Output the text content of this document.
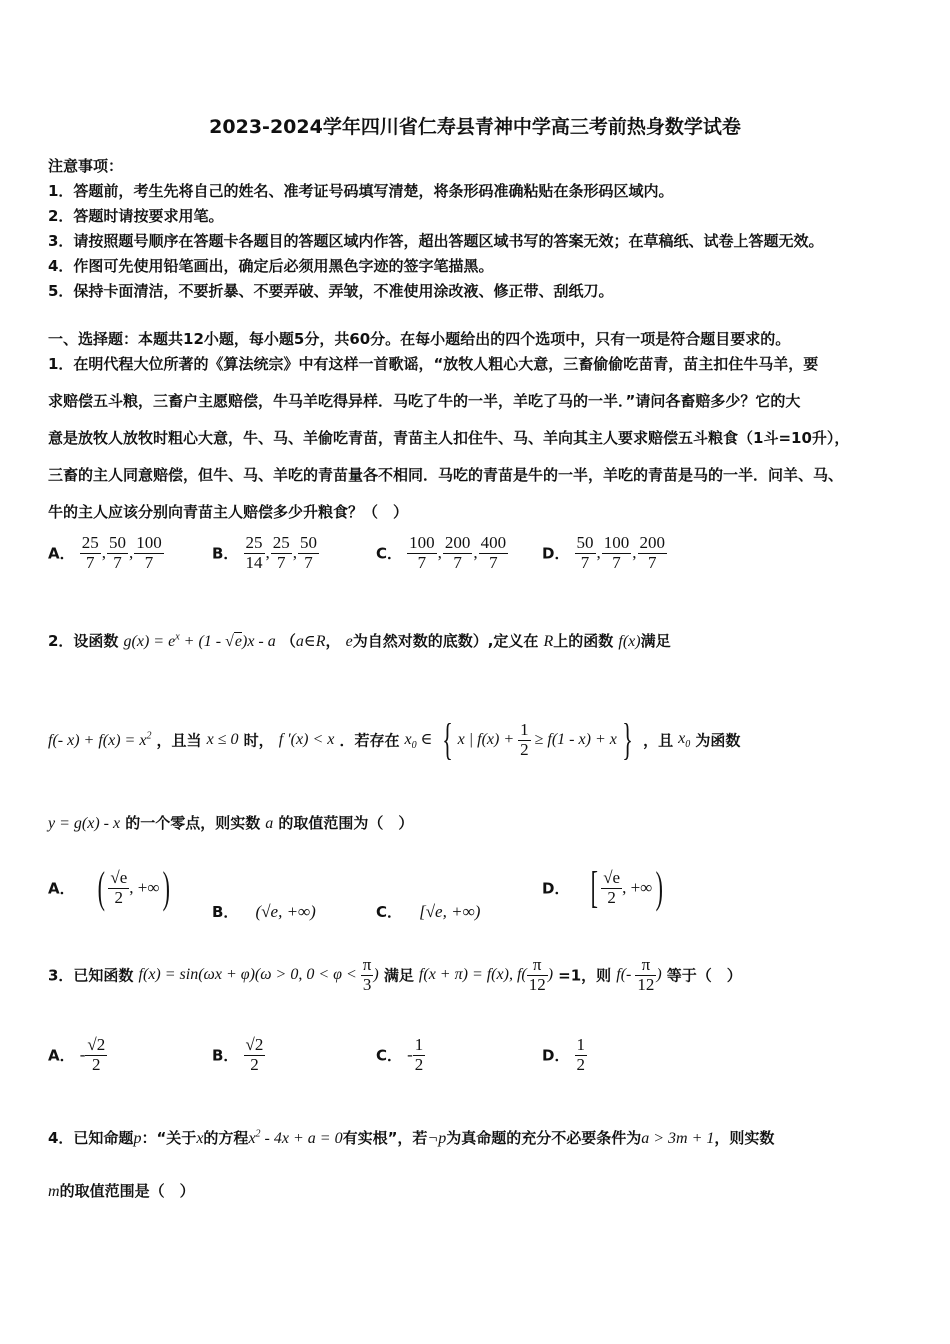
2023-2024学年四川省仁寿县青神中学高三考前热身数学试卷
注意事项：
1．答题前，考生先将自己的姓名、准考证号码填写清楚，将条形码准确粘贴在条形码区域内。
2．答题时请按要求用笔。
3．请按照题号顺序在答题卡各题目的答题区域内作答，超出答题区域书写的答案无效；在草稿纸、试卷上答题无效。
4．作图可先使用铅笔画出，确定后必须用黑色字迹的签字笔描黑。
5．保持卡面清洁，不要折暴、不要弄破、弄皱，不准使用涂改液、修正带、刮纸刀。
一、选择题：本题共12小题，每小题5分，共60分。在每小题给出的四个选项中，只有一项是符合题目要求的。
1．在明代程大位所著的《算法统宗》中有这样一首歌谣，“放牧人粗心大意，三畜偷偷吃苗青，苗主扣住牛马羊，要
求赔偿五斗粮，三畜户主愿赔偿，牛马羊吃得异样．马吃了牛的一半，羊吃了马的一半．”请问各畜赔多少？它的大
意是放牧人放牧时粗心大意，牛、马、羊偷吃青苗，青苗主人扣住牛、马、羊向其主人要求赔偿五斗粮食（1斗=10升），
三畜的主人同意赔偿，但牛、马、羊吃的青苗量各不相同．马吃的青苗是牛的一半，羊吃的青苗是马的一半．问羊、马、
牛的主人应该分别向青苗主人赔偿多少升粮食？（　）
A． $\frac{25}{7}$ , $\frac{50}{7}$ , $\frac{100}{7}$	B． $\frac{25}{14}$ , $\frac{25}{7}$ , $\frac{50}{7}$	C． $\frac{100}{7}$ , $\frac{200}{7}$ , $\frac{400}{7}$ D． $\frac{50}{7}$ , $\frac{100}{7}$ , $\frac{200}{7}$
2．设函数 $g(x) = e^x + (1 - √e)x - a$ （a∈R， e为自然对数的底数）,定义在 R上的函数 f(x)满足
f(- $x) + f(x) = x^2$ ，且当 x ≤ 0 时， f ′(x) < x ．若存在 $x_0$ ∈ { x | $f(x) + \frac{1}{2} \ge f(1 - x) + x$ } ，且 $x_0$ 为函数
y = g(x) - x 的一个零点，则实数 a 的取值范围为（　）
A． ( $\frac{√e}{2}$ , +∞)	B． (√e, +∞)	C． [√e, +∞)
D． [ $\frac{√e}{2}$ , +∞)
3．已知函数 f(x) = sin(ωx + φ)(ω > 0, $0 < \varphi < \frac{\pi}{3}$ ) 满足 f(x + π) = f(x), $f( \frac{\pi}{12}$ ) =1，则 $f(- \frac{\pi}{12}$ ) 等于（　）
A． - $\frac{√2}{2}$	B． $\frac{√2}{2}$	C． - $\frac{1}{2}$	D． $\frac{1}{2}$
4．已知命题p：“关于x的方程$x^2 - 4x + a = 0$有实根”，若¬p为真命题的充分不必要条件为a > 3m + 1，则实数
m的取值范围是（　）
